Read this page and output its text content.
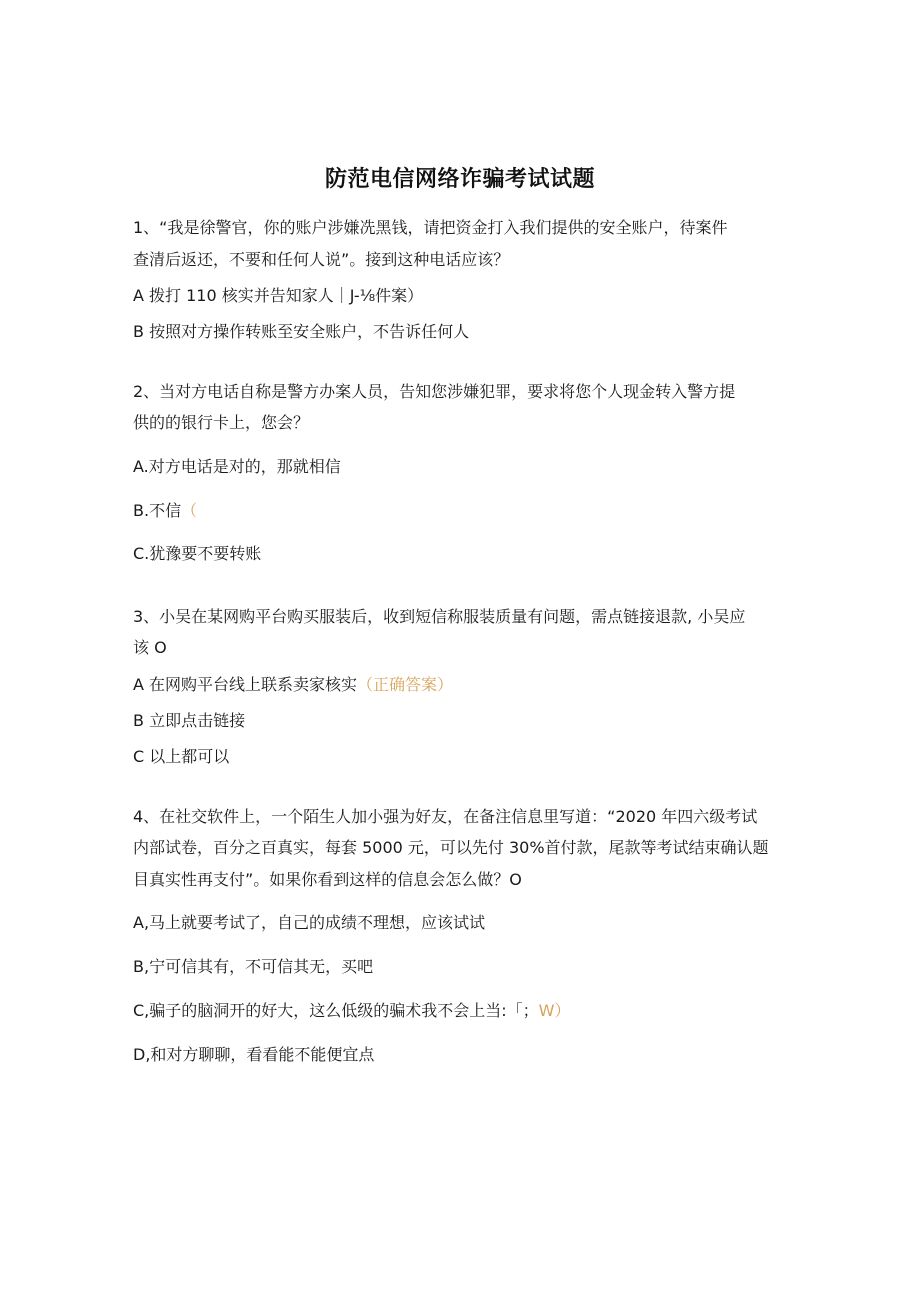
防范电信网络诈骗考试试题
1、“我是徐警官，你的账户涉嫌冼黑钱，请把资金打入我们提供的安全账户，待案件
查清后返还，不要和任何人说”。接到这种电话应该？
A 拨打 110 核实并告知家人｜J-⅛件案）
B 按照对方操作转账至安全账户，不告诉任何人
2、当对方电话自称是警方办案人员，告知您涉嫌犯罪，要求将您个人现金转入警方提
供的的银行卡上，您会？
A.对方电话是对的，那就相信
B.不信（
C.犹豫要不要转账
3、小吴在某网购平台购买服装后，收到短信称服装质量有问题，需点链接退款, 小吴应
该 O
A 在网购平台线上联系卖家核实（正确答案）
B 立即点击链接
C 以上都可以
4、在社交软件上，一个陌生人加小强为好友，在备注信息里写道：“2020 年四六级考试
内部试卷，百分之百真实，每套 5000 元，可以先付 30%首付款，尾款等考试结束确认题
目真实性再支付”。如果你看到这样的信息会怎么做？O
A,马上就要考试了，自己的成绩不理想，应该试试
B,宁可信其有，不可信其无，买吧
C,骗子的脑洞开的好大，这么低级的骗术我不会上当:「；W）
D,和对方聊聊，看看能不能便宜点
